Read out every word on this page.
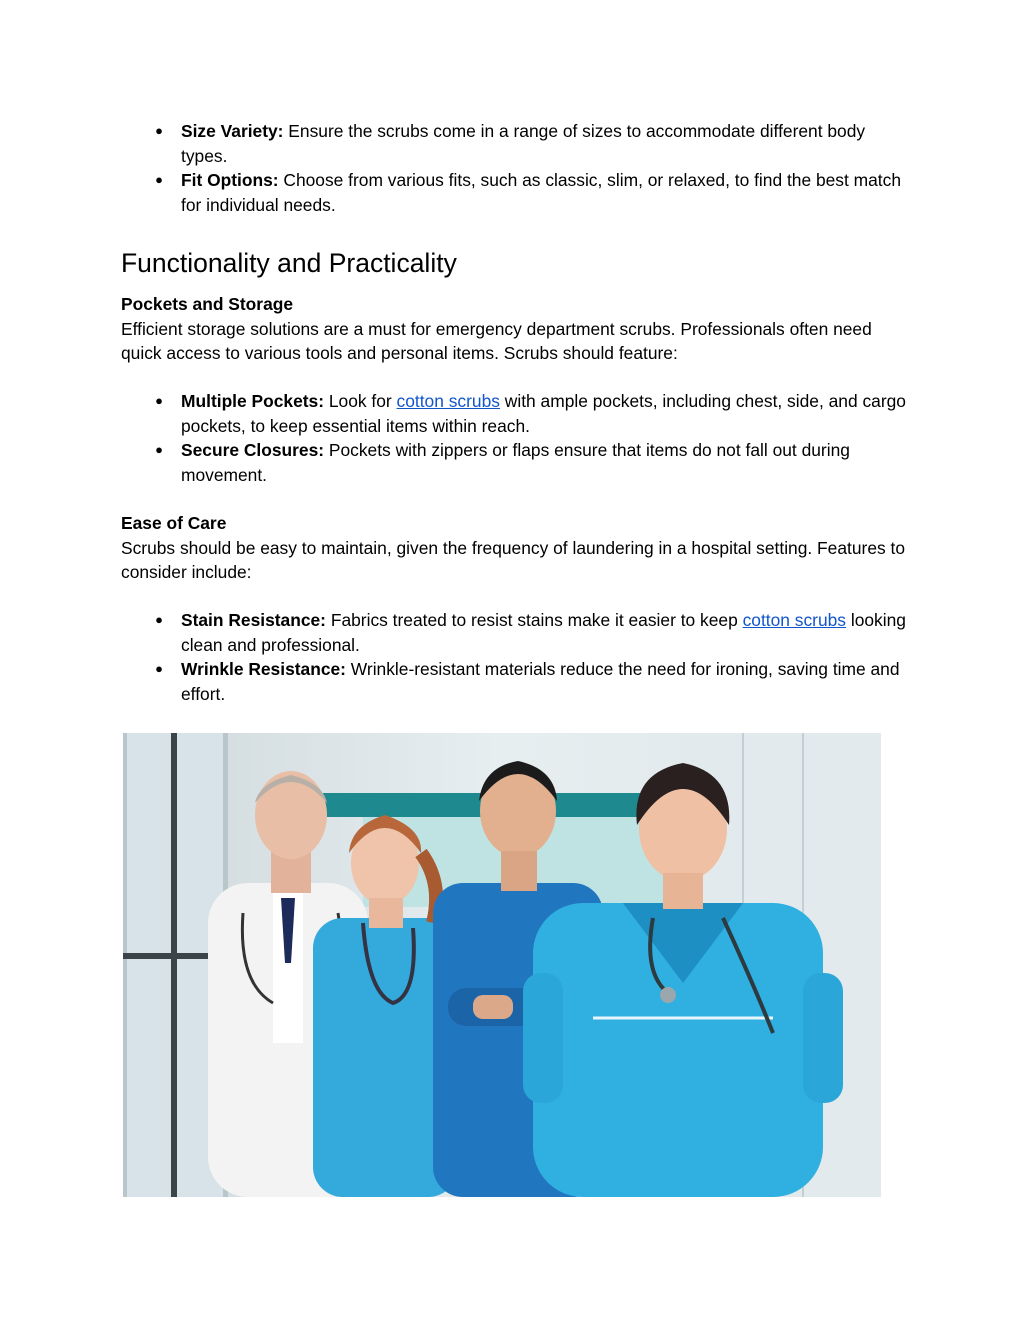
● Size Variety: Ensure the scrubs come in a range of sizes to accommodate different body types.
● Fit Options: Choose from various fits, such as classic, slim, or relaxed, to find the best match for individual needs.
Functionality and Practicality

Pockets and Storage

Efficient storage solutions are a must for emergency department scrubs. Professionals often need quick access to various tools and personal items. Scrubs should feature:

● Multiple Pockets: Look for cotton scrubs with ample pockets, including chest, side, and cargo pockets, to keep essential items within reach.
● Secure Closures: Pockets with zippers or flaps ensure that items do not fall out during movement.

Ease of Care

Scrubs should be easy to maintain, given the frequency of laundering in a hospital setting. Features to consider include:

● Stain Resistance: Fabrics treated to resist stains make it easier to keep cotton scrubs looking clean and professional.
● Wrinkle Resistance: Wrinkle-resistant materials reduce the need for ironing, saving time and effort.
